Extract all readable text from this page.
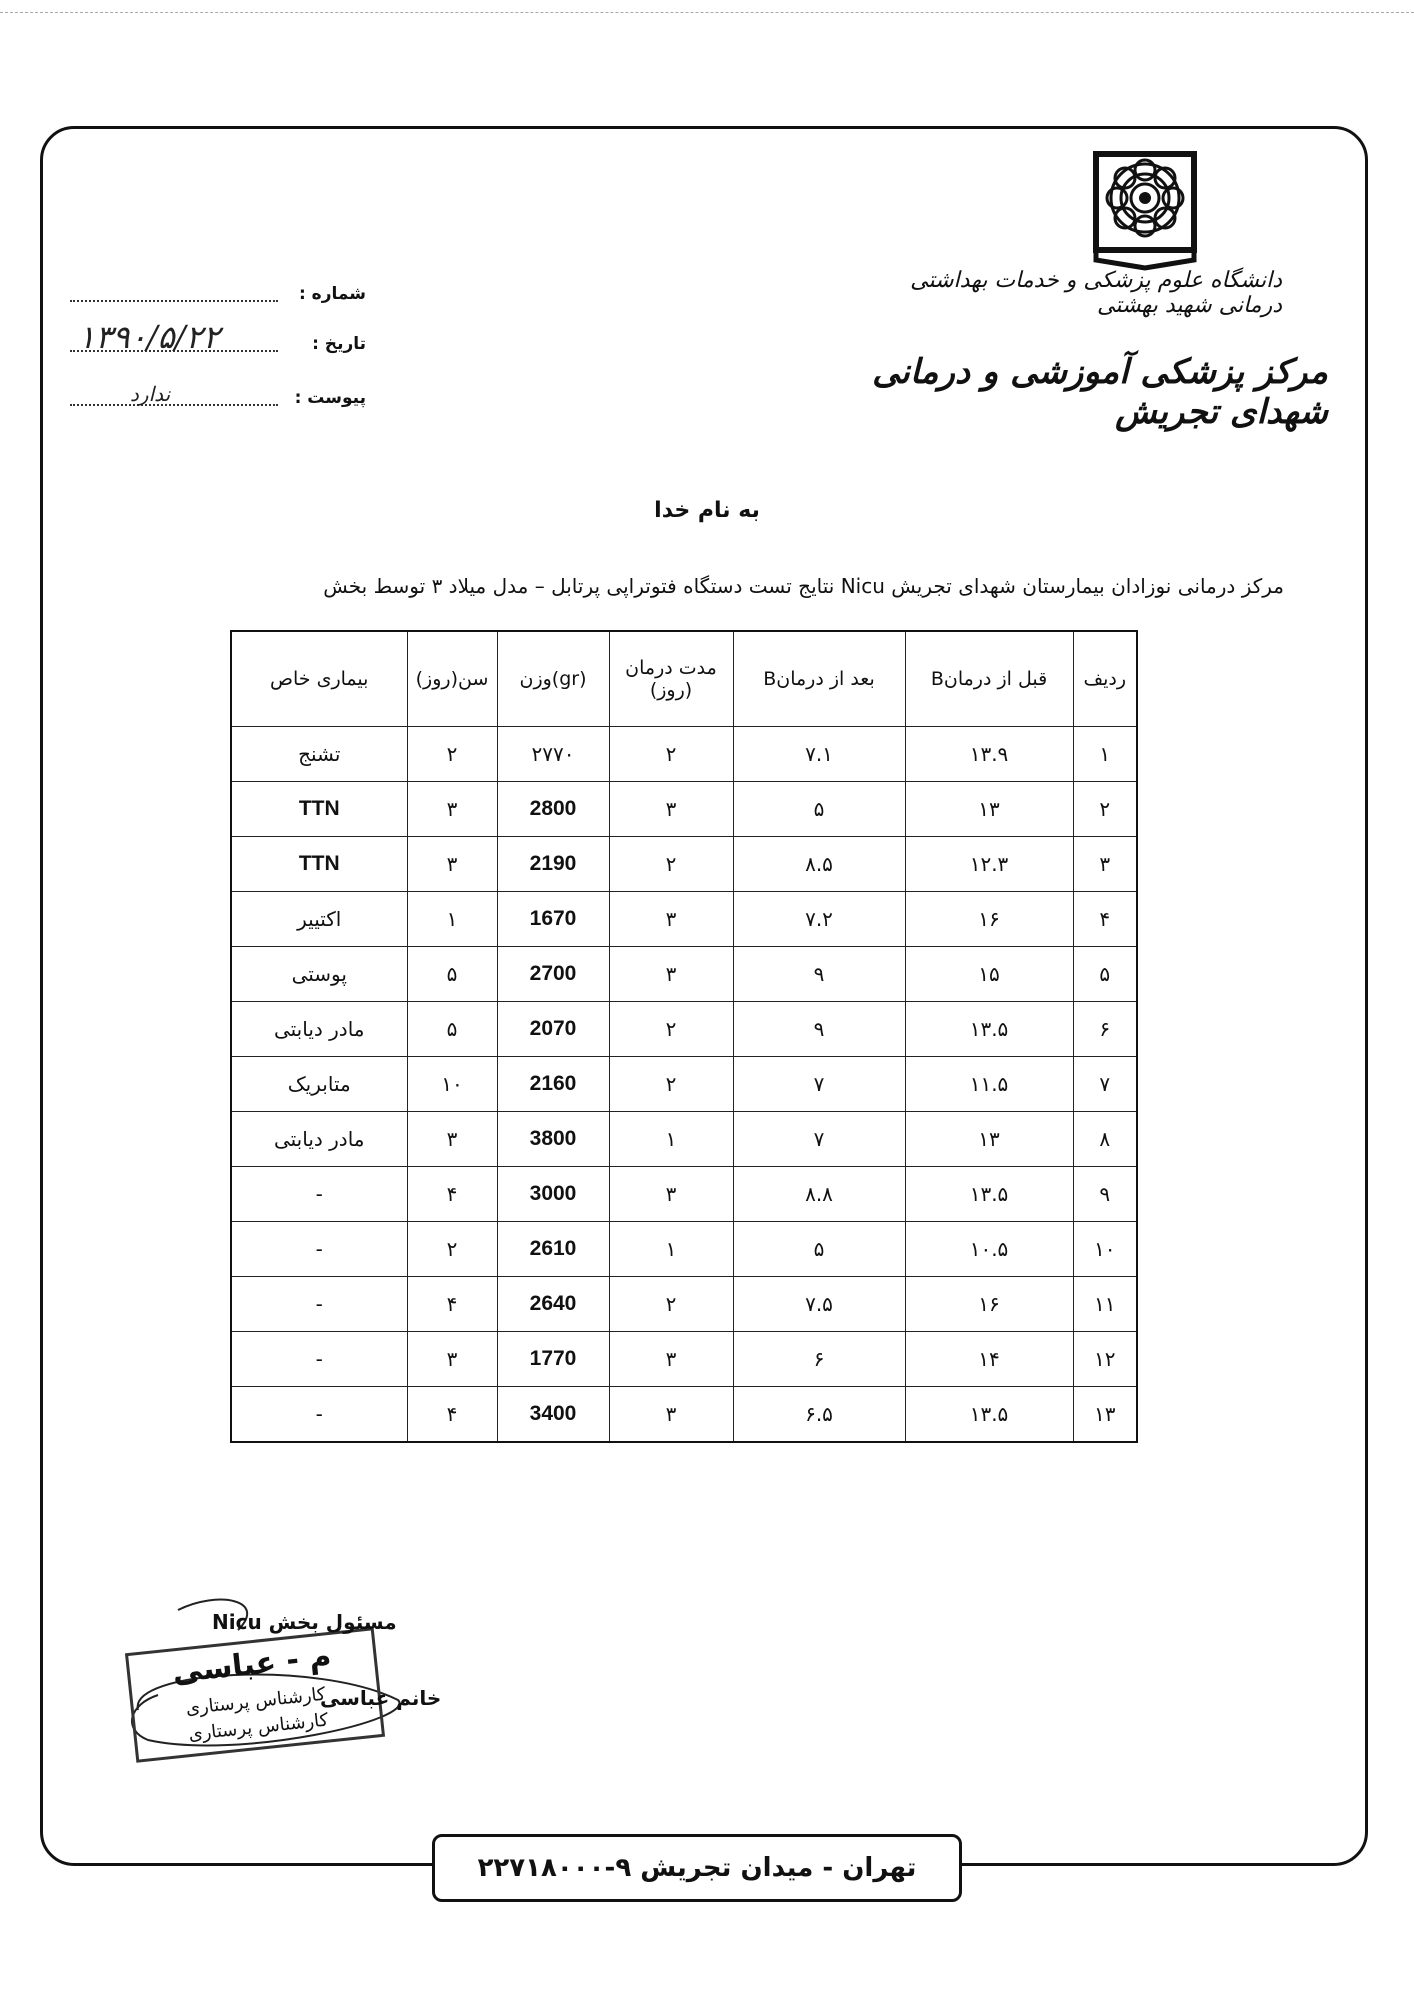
دانشگاه علوم پزشکی و خدمات بهداشتی درمانی شهید بهشتی
مرکز پزشکی آموزشی و درمانی شهدای تجریش
شماره :
تاریخ :
۱۳۹۰/۵/۲۲
پیوست :
ندارد
به نام خدا
مرکز درمانی نوزادان بیمارستان شهدای تجریش Nicu نتایج تست دستگاه فتوتراپی پرتابل – مدل میلاد ۳ توسط بخش
ردیف	قبل از درمانB	بعد از درمانB	مدت درمان (روز)	(gr)وزن	سن(روز)	بیماری خاص
۱	۱۳.۹	۷.۱	۲	۲۷۷۰	۲	تشنج
۲	۱۳	۵	۳	2800	۳	TTN
۳	۱۲.۳	۸.۵	۲	2190	۳	TTN
۴	۱۶	۷.۲	۳	1670	۱	اکتییر
۵	۱۵	۹	۳	2700	۵	پوستی
۶	۱۳.۵	۹	۲	2070	۵	مادر دیابتی
۷	۱۱.۵	۷	۲	2160	۱۰	متابریک
۸	۱۳	۷	۱	3800	۳	مادر دیابتی
۹	۱۳.۵	۸.۸	۳	3000	۴	-
۱۰	۱۰.۵	۵	۱	2610	۲	-
۱۱	۱۶	۷.۵	۲	2640	۴	-
۱۲	۱۴	۶	۳	1770	۳	-
۱۳	۱۳.۵	۶.۵	۳	3400	۴	-
م - عباسی
کارشناس پرستاری
کارشناس پرستاری
مسئول بخش Nicu
خانم عباسی
تهران - میدان تجریش ۹-۲۲۷۱۸۰۰۰
